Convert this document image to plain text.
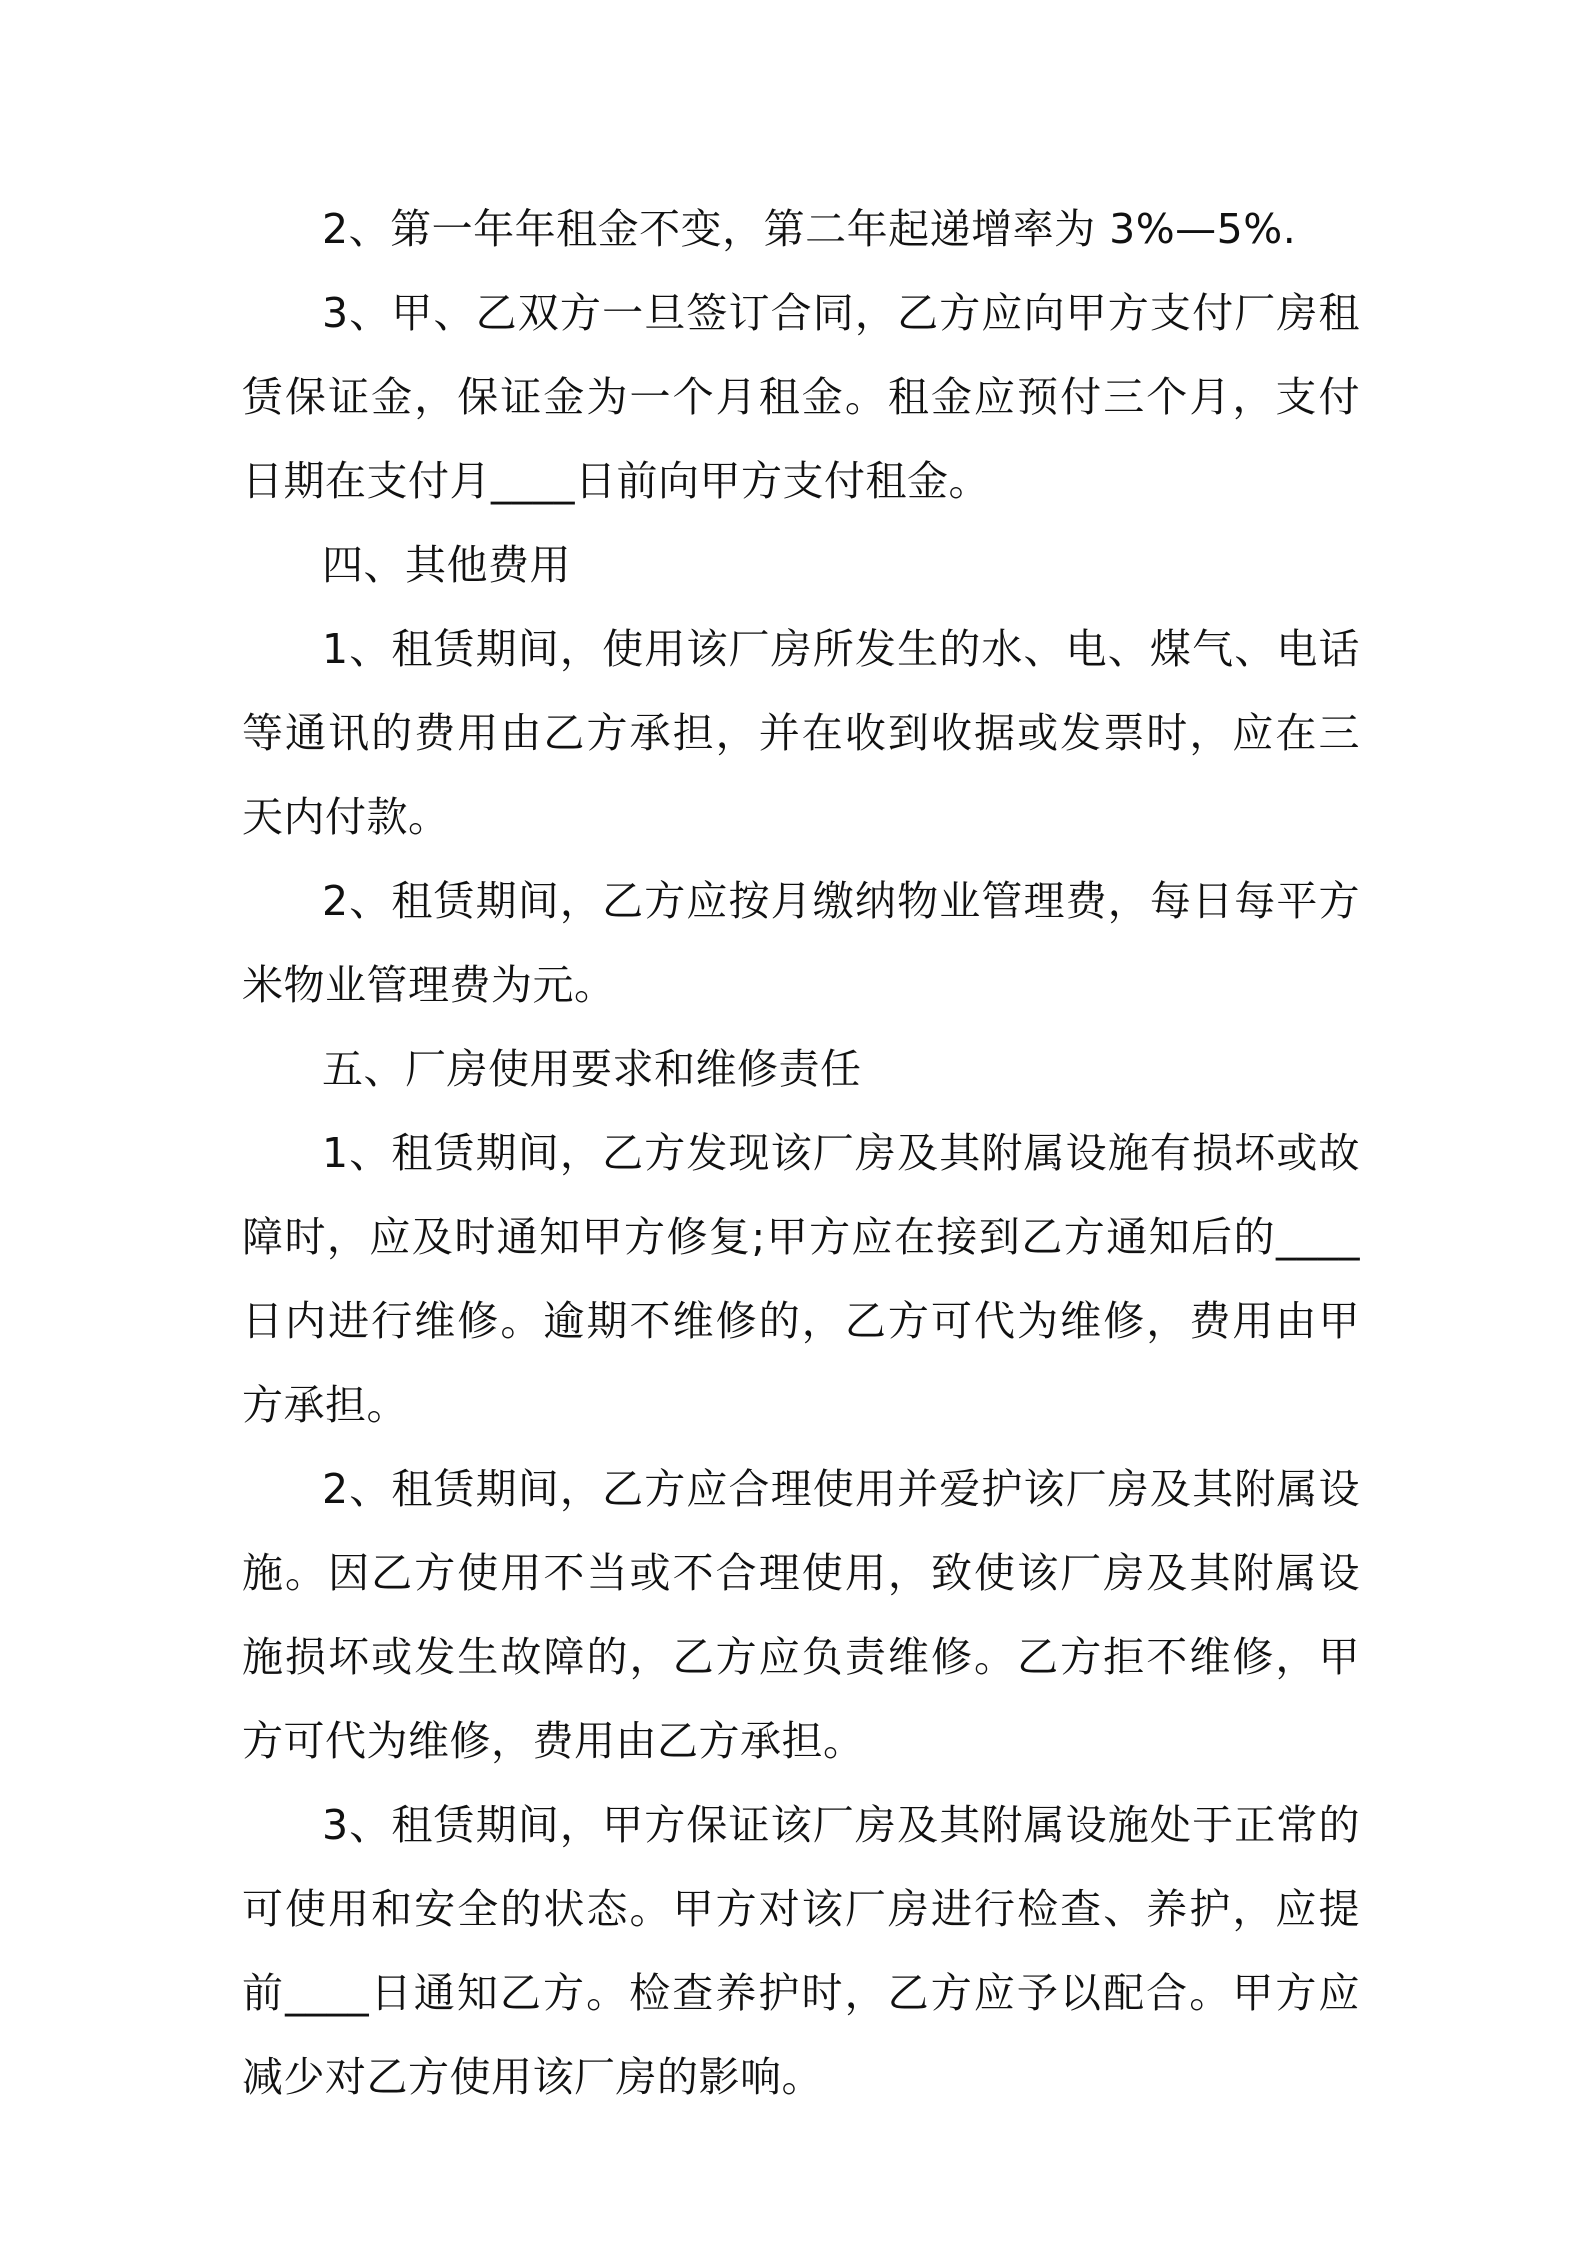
2、第一年年租金不变，第二年起递增率为 3%—5%.

3、甲、乙双方一旦签订合同，乙方应向甲方支付厂房租赁保证金，保证金为一个月租金。租金应预付三个月，支付日期在支付月____日前向甲方支付租金。

四、其他费用

1、租赁期间，使用该厂房所发生的水、电、煤气、电话等通讯的费用由乙方承担，并在收到收据或发票时，应在三天内付款。

2、租赁期间，乙方应按月缴纳物业管理费，每日每平方米物业管理费为元。

五、厂房使用要求和维修责任

1、租赁期间，乙方发现该厂房及其附属设施有损坏或故障时，应及时通知甲方修复;甲方应在接到乙方通知后的____日内进行维修。逾期不维修的，乙方可代为维修，费用由甲方承担。

2、租赁期间，乙方应合理使用并爱护该厂房及其附属设施。因乙方使用不当或不合理使用，致使该厂房及其附属设施损坏或发生故障的，乙方应负责维修。乙方拒不维修，甲方可代为维修，费用由乙方承担。

3、租赁期间，甲方保证该厂房及其附属设施处于正常的可使用和安全的状态。甲方对该厂房进行检查、养护，应提前____日通知乙方。检查养护时，乙方应予以配合。甲方应减少对乙方使用该厂房的影响。
